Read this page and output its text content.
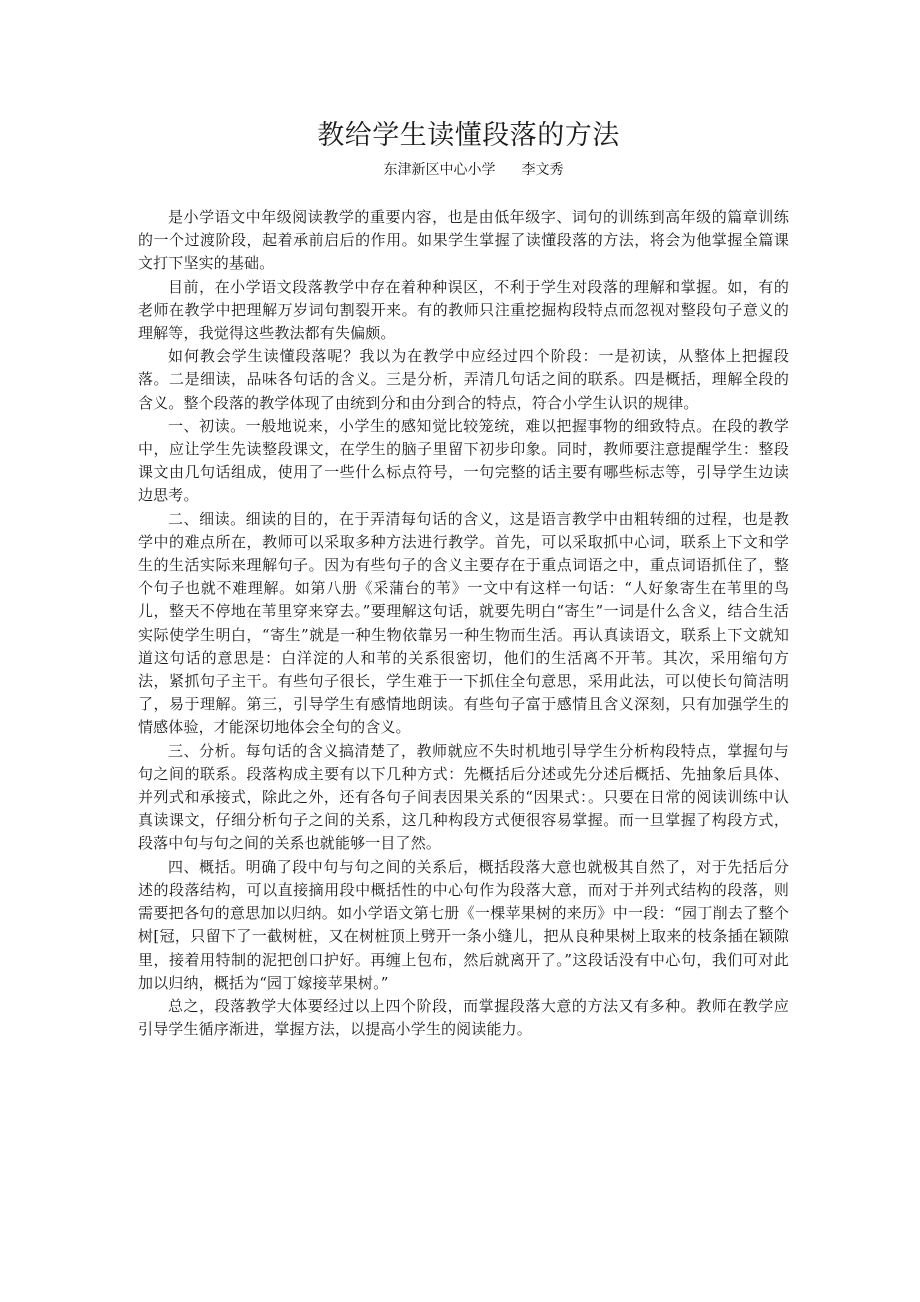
教给学生读懂段落的方法
东津新区中心小学 李文秀

是小学语文中年级阅读教学的重要内容，也是由低年级字、词句的训练到高年级的篇章训练的一个过渡阶段，起着承前启后的作用。如果学生掌握了读懂段落的方法，将会为他掌握全篇课文打下坚实的基础。

目前，在小学语文段落教学中存在着种种误区，不利于学生对段落的理解和掌握。如，有的老师在教学中把理解万岁词句割裂开来。有的教师只注重挖掘构段特点而忽视对整段句子意义的理解等，我觉得这些教法都有失偏颇。

如何教会学生读懂段落呢？我以为在教学中应经过四个阶段：一是初读，从整体上把握段落。二是细读，品味各句话的含义。三是分析，弄清几句话之间的联系。四是概括，理解全段的含义。整个段落的教学体现了由统到分和由分到合的特点，符合小学生认识的规律。

一、初读。一般地说来，小学生的感知觉比较笼统，难以把握事物的细致特点。在段的教学中，应让学生先读整段课文，在学生的脑子里留下初步印象。同时，教师要注意提醒学生：整段课文由几句话组成，使用了一些什么标点符号，一句完整的话主要有哪些标志等，引导学生边读边思考。

二、细读。细读的目的，在于弄清每句话的含义，这是语言教学中由粗转细的过程，也是教学中的难点所在，教师可以采取多种方法进行教学。首先，可以采取抓中心词，联系上下文和学生的生活实际来理解句子。因为有些句子的含义主要存在于重点词语之中，重点词语抓住了，整个句子也就不难理解。如第八册《采蒲台的苇》一文中有这样一句话：“人好象寄生在苇里的鸟儿，整天不停地在苇里穿来穿去。”要理解这句话，就要先明白“寄生”一词是什么含义，结合生活实际使学生明白，“寄生”就是一种生物依靠另一种生物而生活。再认真读语文，联系上下文就知道这句话的意思是：白洋淀的人和苇的关系很密切，他们的生活离不开苇。其次，采用缩句方法，紧抓句子主干。有些句子很长，学生难于一下抓住全句意思，采用此法，可以使长句简洁明了，易于理解。第三，引导学生有感情地朗读。有些句子富于感情且含义深刻，只有加强学生的情感体验，才能深切地体会全句的含义。

三、分析。每句话的含义搞清楚了，教师就应不失时机地引导学生分析构段特点，掌握句与句之间的联系。段落构成主要有以下几种方式：先概括后分述或先分述后概括、先抽象后具体、并列式和承接式，除此之外，还有各句子间表因果关系的“因果式：。只要在日常的阅读训练中认真读课文，仔细分析句子之间的关系，这几种构段方式便很容易掌握。而一旦掌握了构段方式，段落中句与句之间的关系也就能够一目了然。

四、概括。明确了段中句与句之间的关系后，概括段落大意也就极其自然了，对于先括后分述的段落结构，可以直接摘用段中概括性的中心句作为段落大意，而对于并列式结构的段落，则需要把各句的意思加以归纳。如小学语文第七册《一棵苹果树的来历》中一段：“园丁削去了整个树[冠，只留下了一截树桩，又在树桩顶上劈开一条小缝儿，把从良种果树上取来的枝条插在颖隙里，接着用特制的泥把创口护好。再缠上包布，然后就离开了。”这段话没有中心句，我们可对此加以归纳，概括为“园丁嫁接苹果树。”

总之，段落教学大体要经过以上四个阶段，而掌握段落大意的方法又有多种。教师在教学应引导学生循序渐进，掌握方法，以提高小学生的阅读能力。
